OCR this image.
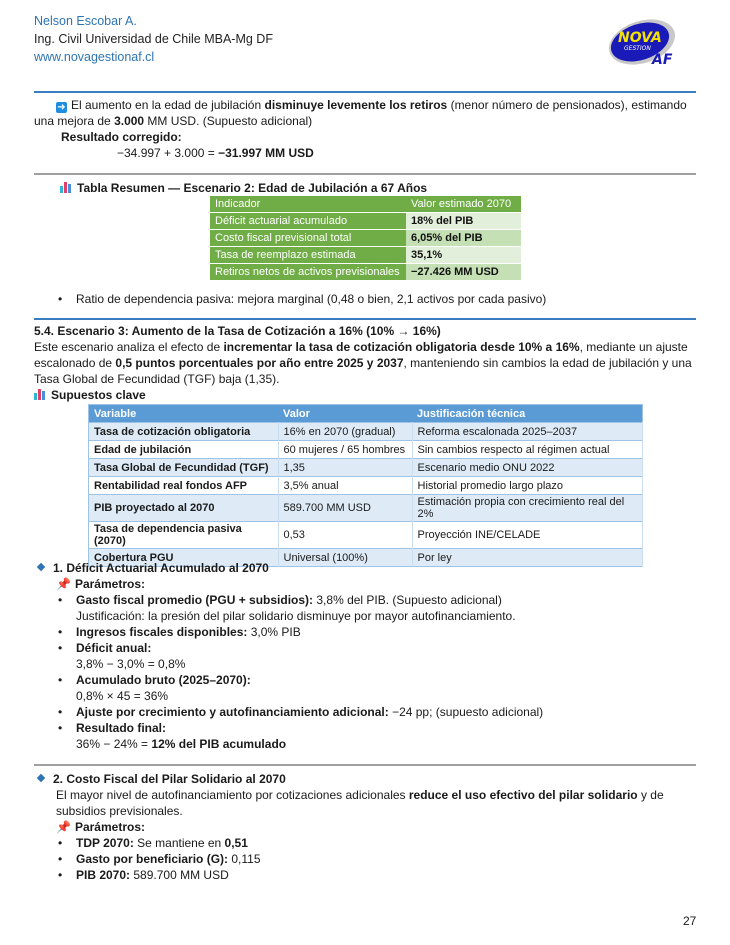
Nelson Escobar A.
Ing. Civil Universidad de Chile MBA-Mg DF
www.novagestionaf.cl
NOVA
GESTION
AF
➜ El aumento en la edad de jubilación disminuye levemente los retiros (menor número de pensionados), estimando
una mejora de 3.000 MM USD. (Supuesto adicional)
Resultado corregido:
−34.997 + 3.000 = −31.997 MM USD
Tabla Resumen — Escenario 2: Edad de Jubilación a 67 Años
Indicador	Valor estimado 2070
Déficit actuarial acumulado	18% del PIB
Costo fiscal previsional total	6,05% del PIB
Tasa de reemplazo estimada	35,1%
Retiros netos de activos previsionales	−27.426 MM USD
• Ratio de dependencia pasiva: mejora marginal (0,48 o bien, 2,1 activos por cada pasivo)
5.4. Escenario 3: Aumento de la Tasa de Cotización a 16% (10% → 16%)
Este escenario analiza el efecto de incrementar la tasa de cotización obligatoria desde 10% a 16%, mediante un ajuste
escalonado de 0,5 puntos porcentuales por año entre 2025 y 2037, manteniendo sin cambios la edad de jubilación y una
Tasa Global de Fecundidad (TGF) baja (1,35).
Supuestos clave
Variable	Valor	Justificación técnica
Tasa de cotización obligatoria	16% en 2070 (gradual)	Reforma escalonada 2025–2037
Edad de jubilación	60 mujeres / 65 hombres	Sin cambios respecto al régimen actual
Tasa Global de Fecundidad (TGF)	1,35	Escenario medio ONU 2022
Rentabilidad real fondos AFP	3,5% anual	Historial promedio largo plazo
PIB proyectado al 2070	589.700 MM USD	Estimación propia con crecimiento real del 2%
Tasa de dependencia pasiva (2070)	0,53	Proyección INE/CELADE
Cobertura PGU	Universal (100%)	Por ley
1. Déficit Actuarial Acumulado al 2070
📌 Parámetros:
• Gasto fiscal promedio (PGU + subsidios): 3,8% del PIB. (Supuesto adicional)
Justificación: la presión del pilar solidario disminuye por mayor autofinanciamiento.
• Ingresos fiscales disponibles: 3,0% PIB
• Déficit anual:
3,8% − 3,0% = 0,8%
• Acumulado bruto (2025–2070):
0,8% × 45 = 36%
• Ajuste por crecimiento y autofinanciamiento adicional: −24 pp; (supuesto adicional)
• Resultado final:
36% − 24% = 12% del PIB acumulado
2. Costo Fiscal del Pilar Solidario al 2070
El mayor nivel de autofinanciamiento por cotizaciones adicionales reduce el uso efectivo del pilar solidario y de
subsidios previsionales.
📌 Parámetros:
• TDP 2070: Se mantiene en 0,51
• Gasto por beneficiario (G): 0,115
• PIB 2070: 589.700 MM USD
27
